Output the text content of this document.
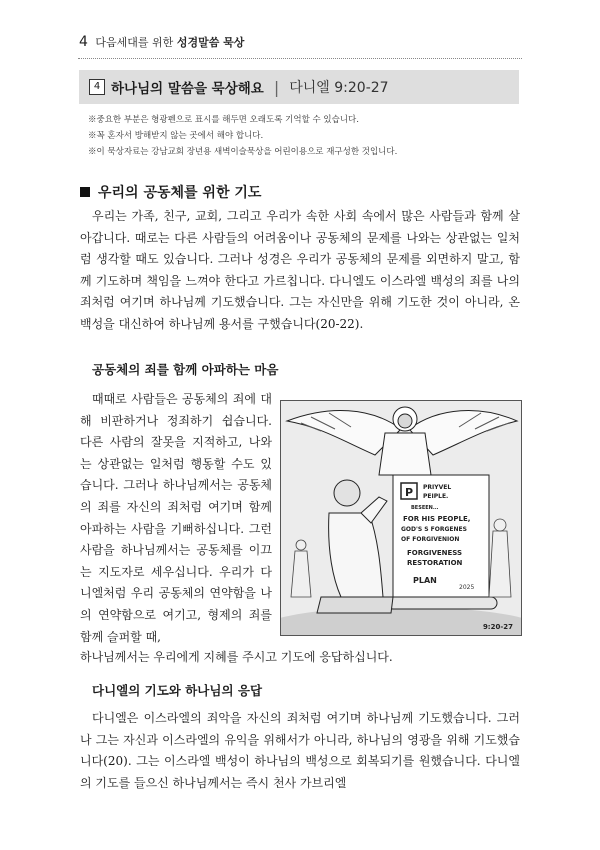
4 다음세대를 위한 성경말씀 묵상
4 하나님의 말씀을 묵상해요 | 다니엘 9:20-27
※중요한 부분은 형광펜으로 표시를 해두면 오래도록 기억할 수 있습니다.
※꼭 혼자서 방해받지 않는 곳에서 해야 합니다.
※이 묵상자료는 강남교회 장년용 새벽이슬묵상을 어린이용으로 재구성한 것입니다.
우리의 공동체를 위한 기도
우리는 가족, 친구, 교회, 그리고 우리가 속한 사회 속에서 많은 사람들과 함께 살아갑니다. 때로는 다른 사람들의 어려움이나 공동체의 문제를 나와는 상관없는 일처럼 생각할 때도 있습니다. 그러나 성경은 우리가 공동체의 문제를 외면하지 말고, 함께 기도하며 책임을 느껴야 한다고 가르칩니다. 다니엘도 이스라엘 백성의 죄를 나의 죄처럼 여기며 하나님께 기도했습니다. 그는 자신만을 위해 기도한 것이 아니라, 온 백성을 대신하여 하나님께 용서를 구했습니다(20-22).
공동체의 죄를 함께 아파하는 마음
때때로 사람들은 공동체의 죄에 대해 비판하거나 정죄하기 쉽습니다. 다른 사람의 잘못을 지적하고, 나와는 상관없는 일처럼 행동할 수도 있습니다. 그러나 하나님께서는 공동체의 죄를 자신의 죄처럼 여기며 함께 아파하는 사람을 기뻐하십니다. 그런 사람을 하나님께서는 공동체를 이끄는 지도자로 세우십니다. 우리가 다니엘처럼 우리 공동체의 연약함을 나의 연약함으로 여기고, 형제의 죄를 함께 슬퍼할 때,
하나님께서는 우리에게 지혜를 주시고 기도에 응답하십니다.
P PRIYVEL
PEIPLE.
BESEEN...
FOR HIS PEOPLE,
GOD'S S FORGENES
OF FORGIVENION
FORGIVENESS
RESTORATION
PLAN
2025
9:20-27
다니엘의 기도와 하나님의 응답
다니엘은 이스라엘의 죄악을 자신의 죄처럼 여기며 하나님께 기도했습니다. 그러나 그는 자신과 이스라엘의 유익을 위해서가 아니라, 하나님의 영광을 위해 기도했습니다(20). 그는 이스라엘 백성이 하나님의 백성으로 회복되기를 원했습니다. 다니엘의 기도를 들으신 하나님께서는 즉시 천사 가브리엘
